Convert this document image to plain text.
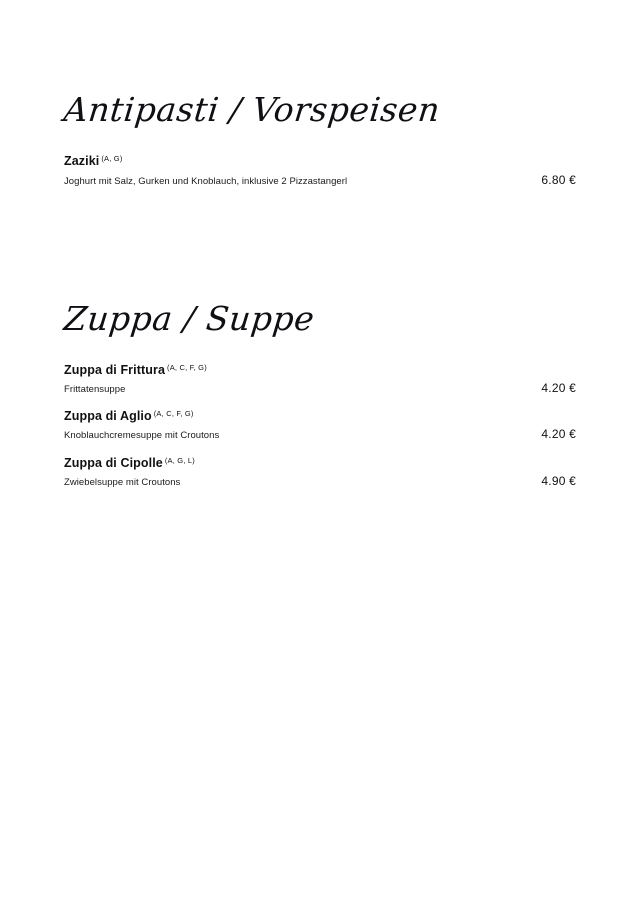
Antipasti / Vorspeisen
Zaziki (A, G)
Joghurt mit Salz, Gurken und Knoblauch, inklusive 2 Pizzastangerl	6.80 €
Zuppa / Suppe
Zuppa di Frittura (A, C, F, G)
Frittatensuppe	4.20 €
Zuppa di Aglio (A, C, F, G)
Knoblauchcremesuppe mit Croutons	4.20 €
Zuppa di Cipolle (A, G, L)
Zwiebelsuppe mit Croutons	4.90 €
